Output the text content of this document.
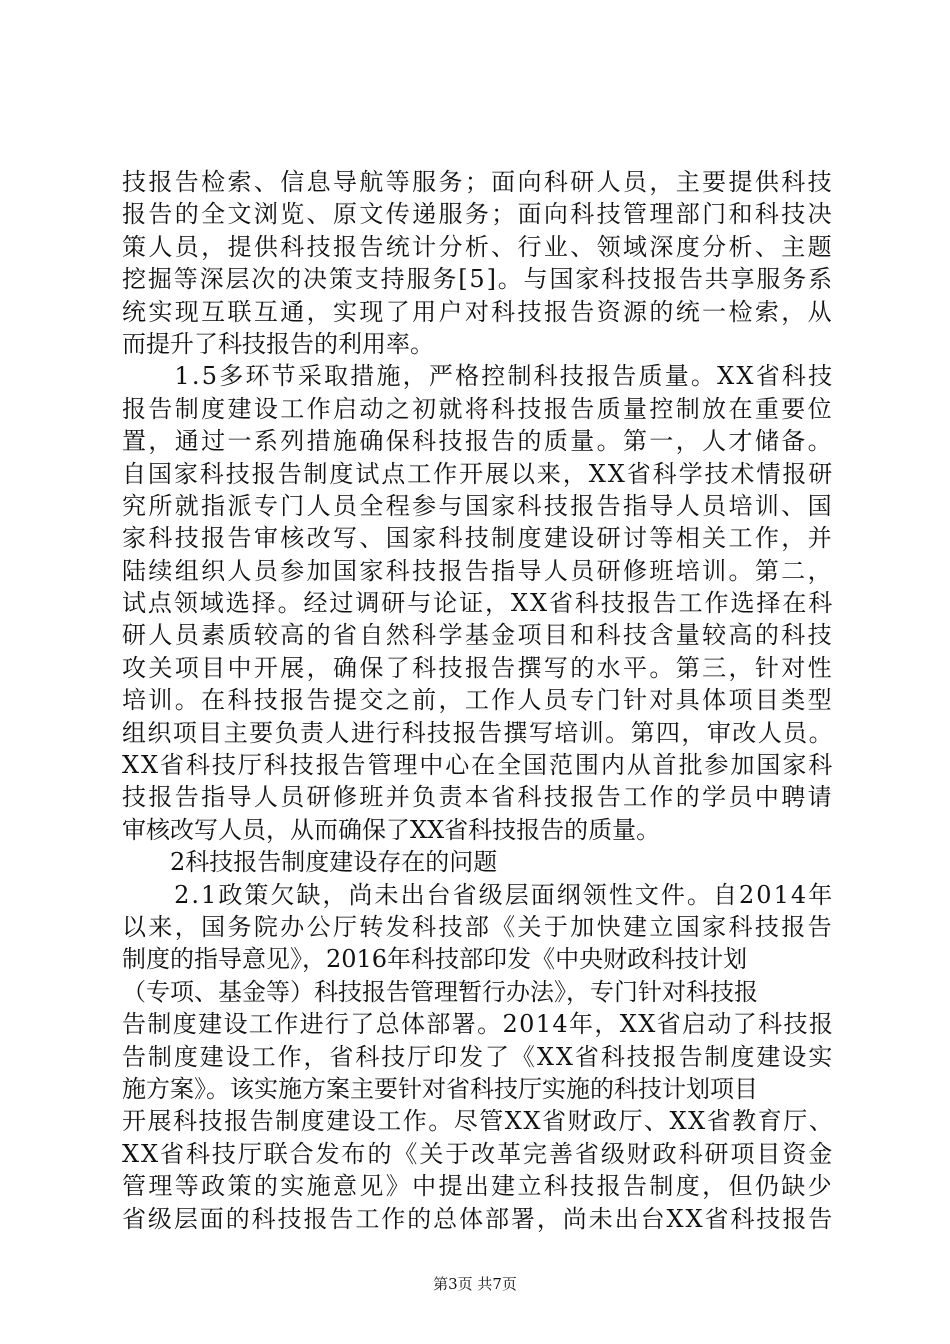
技报告检索、信息导航等服务；面向科研人员，主要提供科技
报告的全文浏览、原文传递服务；面向科技管理部门和科技决
策人员，提供科技报告统计分析、行业、领域深度分析、主题
挖掘等深层次的决策支持服务[5]。与国家科技报告共享服务系
统实现互联互通，实现了用户对科技报告资源的统一检索，从
而提升了科技报告的利用率。
　　1.5多环节采取措施，严格控制科技报告质量。XX省科技
报告制度建设工作启动之初就将科技报告质量控制放在重要位
置，通过一系列措施确保科技报告的质量。第一，人才储备。
自国家科技报告制度试点工作开展以来，XX省科学技术情报研
究所就指派专门人员全程参与国家科技报告指导人员培训、国
家科技报告审核改写、国家科技制度建设研讨等相关工作，并
陆续组织人员参加国家科技报告指导人员研修班培训。第二，
试点领域选择。经过调研与论证，XX省科技报告工作选择在科
研人员素质较高的省自然科学基金项目和科技含量较高的科技
攻关项目中开展，确保了科技报告撰写的水平。第三，针对性
培训。在科技报告提交之前，工作人员专门针对具体项目类型
组织项目主要负责人进行科技报告撰写培训。第四，审改人员。
XX省科技厅科技报告管理中心在全国范围内从首批参加国家科
技报告指导人员研修班并负责本省科技报告工作的学员中聘请
审核改写人员，从而确保了XX省科技报告的质量。
　　2科技报告制度建设存在的问题
　　2.1政策欠缺，尚未出台省级层面纲领性文件。自2014年
以来，国务院办公厅转发科技部《关于加快建立国家科技报告
制度的指导意见》，2016年科技部印发《中央财政科技计划
（专项、基金等）科技报告管理暂行办法》，专门针对科技报
告制度建设工作进行了总体部署。2014年，XX省启动了科技报
告制度建设工作，省科技厅印发了《XX省科技报告制度建设实
施方案》。该实施方案主要针对省科技厅实施的科技计划项目
开展科技报告制度建设工作。尽管XX省财政厅、XX省教育厅、
XX省科技厅联合发布的《关于改革完善省级财政科研项目资金
管理等政策的实施意见》中提出建立科技报告制度，但仍缺少
省级层面的科技报告工作的总体部署，尚未出台XX省科技报告
第3页 共7页
